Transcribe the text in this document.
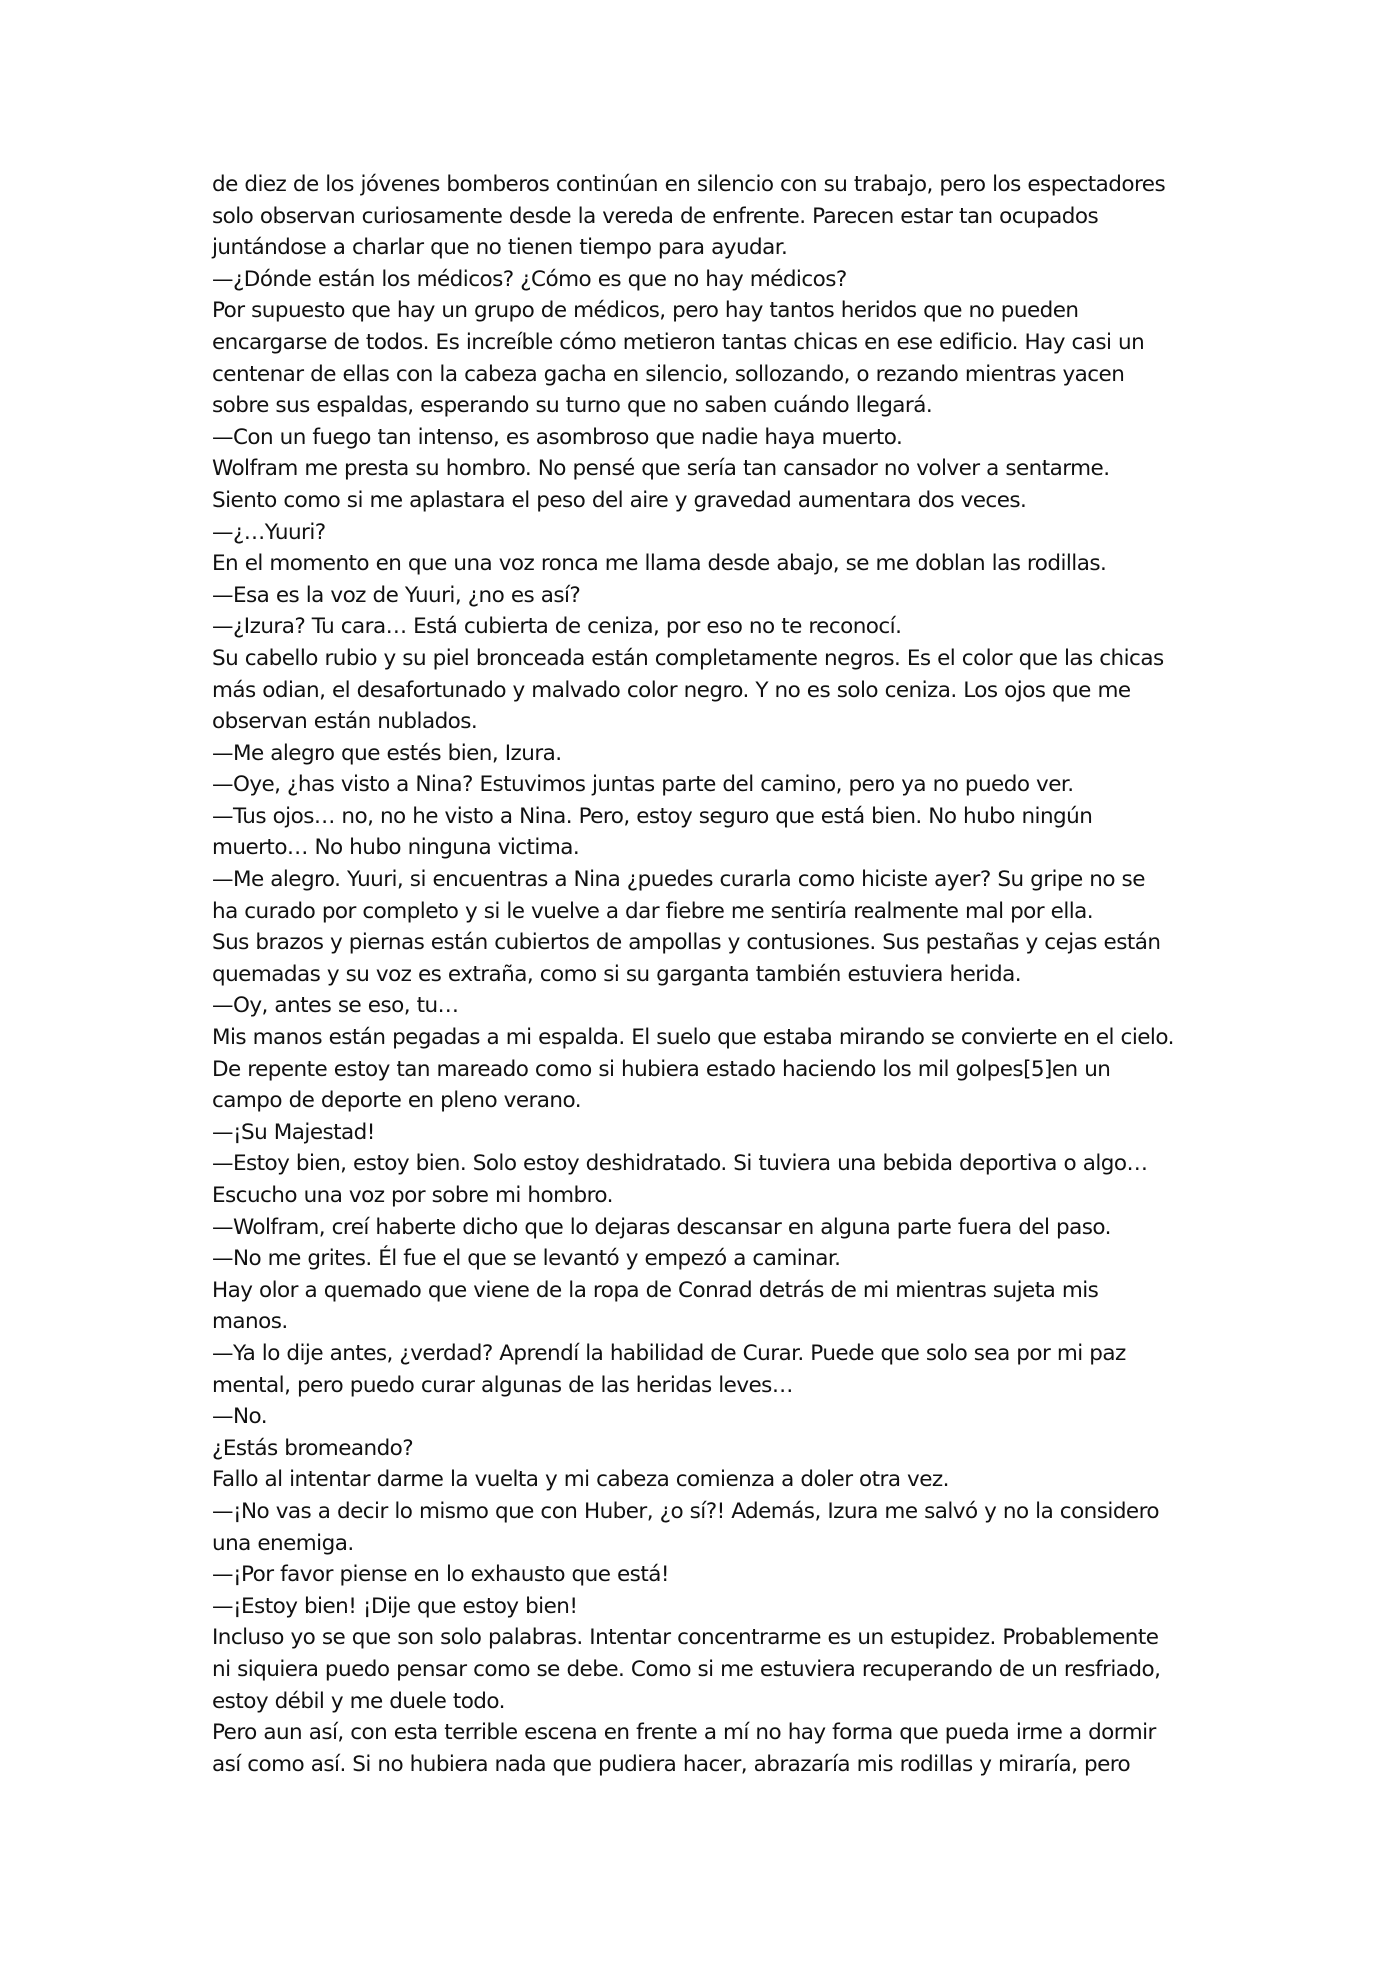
de diez de los jóvenes bomberos continúan en silencio con su trabajo, pero los espectadores
solo observan curiosamente desde la vereda de enfrente. Parecen estar tan ocupados
juntándose a charlar que no tienen tiempo para ayudar.
—¿Dónde están los médicos? ¿Cómo es que no hay médicos?
Por supuesto que hay un grupo de médicos, pero hay tantos heridos que no pueden
encargarse de todos. Es increíble cómo metieron tantas chicas en ese edificio. Hay casi un
centenar de ellas con la cabeza gacha en silencio, sollozando, o rezando mientras yacen
sobre sus espaldas, esperando su turno que no saben cuándo llegará.
—Con un fuego tan intenso, es asombroso que nadie haya muerto.
Wolfram me presta su hombro. No pensé que sería tan cansador no volver a sentarme.
Siento como si me aplastara el peso del aire y gravedad aumentara dos veces.
—¿…Yuuri?
En el momento en que una voz ronca me llama desde abajo, se me doblan las rodillas.
—Esa es la voz de Yuuri, ¿no es así?
—¿Izura? Tu cara… Está cubierta de ceniza, por eso no te reconocí.
Su cabello rubio y su piel bronceada están completamente negros. Es el color que las chicas
más odian, el desafortunado y malvado color negro. Y no es solo ceniza. Los ojos que me
observan están nublados.
—Me alegro que estés bien, Izura.
—Oye, ¿has visto a Nina? Estuvimos juntas parte del camino, pero ya no puedo ver.
—Tus ojos… no, no he visto a Nina. Pero, estoy seguro que está bien. No hubo ningún
muerto… No hubo ninguna victima.
—Me alegro. Yuuri, si encuentras a Nina ¿puedes curarla como hiciste ayer? Su gripe no se
ha curado por completo y si le vuelve a dar fiebre me sentiría realmente mal por ella.
Sus brazos y piernas están cubiertos de ampollas y contusiones. Sus pestañas y cejas están
quemadas y su voz es extraña, como si su garganta también estuviera herida.
—Oy, antes se eso, tu…
Mis manos están pegadas a mi espalda. El suelo que estaba mirando se convierte en el cielo.
De repente estoy tan mareado como si hubiera estado haciendo los mil golpes[5]en un
campo de deporte en pleno verano.
—¡Su Majestad!
—Estoy bien, estoy bien. Solo estoy deshidratado. Si tuviera una bebida deportiva o algo…
Escucho una voz por sobre mi hombro.
—Wolfram, creí haberte dicho que lo dejaras descansar en alguna parte fuera del paso.
—No me grites. Él fue el que se levantó y empezó a caminar.
Hay olor a quemado que viene de la ropa de Conrad detrás de mi mientras sujeta mis
manos.
—Ya lo dije antes, ¿verdad? Aprendí la habilidad de Curar. Puede que solo sea por mi paz
mental, pero puedo curar algunas de las heridas leves…
—No.
¿Estás bromeando?
Fallo al intentar darme la vuelta y mi cabeza comienza a doler otra vez.
—¡No vas a decir lo mismo que con Huber, ¿o sí?! Además, Izura me salvó y no la considero
una enemiga.
—¡Por favor piense en lo exhausto que está!
—¡Estoy bien! ¡Dije que estoy bien!
Incluso yo se que son solo palabras. Intentar concentrarme es un estupidez. Probablemente
ni siquiera puedo pensar como se debe. Como si me estuviera recuperando de un resfriado,
estoy débil y me duele todo.
Pero aun así, con esta terrible escena en frente a mí no hay forma que pueda irme a dormir
así como así. Si no hubiera nada que pudiera hacer, abrazaría mis rodillas y miraría, pero
